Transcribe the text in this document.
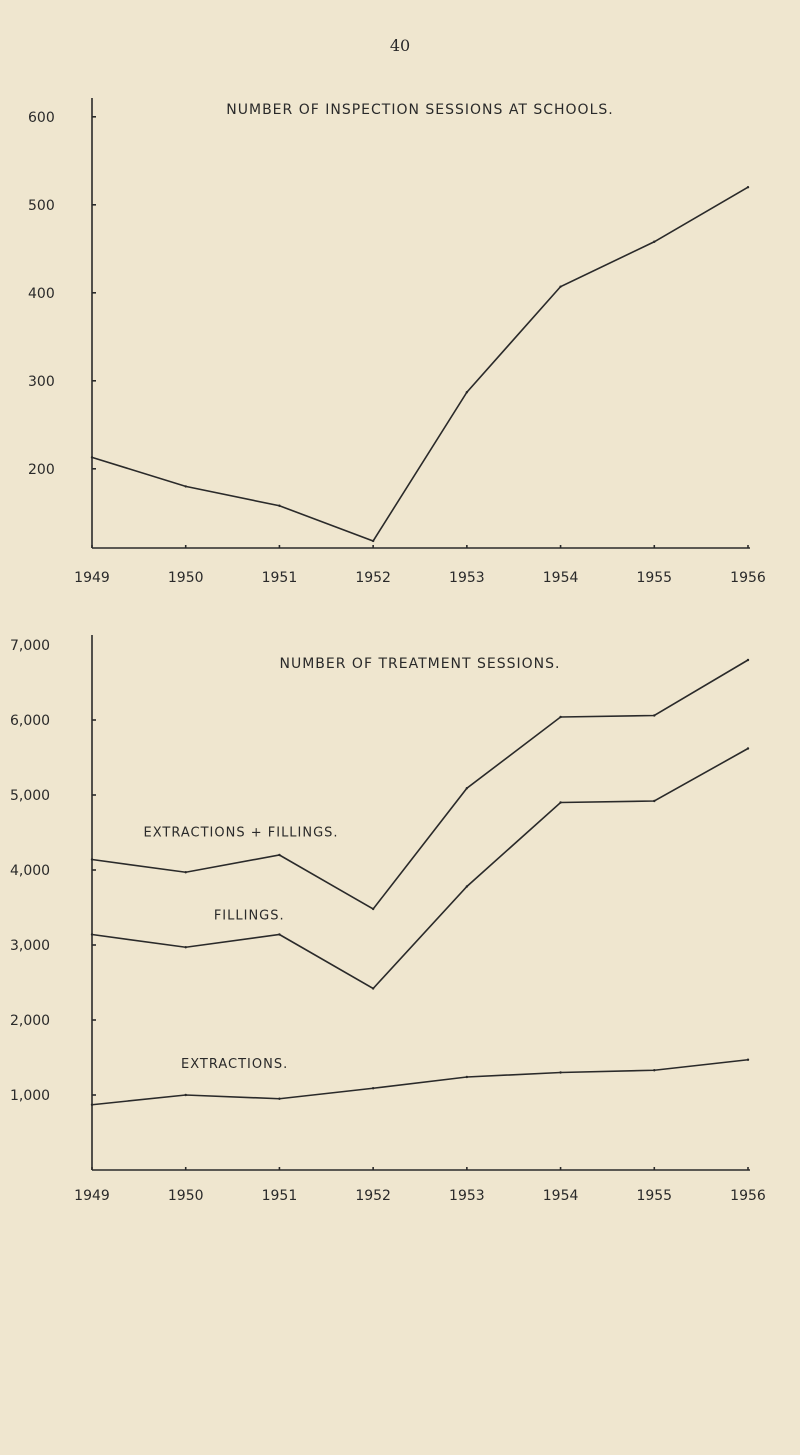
40
200
300
400
500
600
1949	1950	1951	1952	1953	1954	1955	1956
NUMBER OF INSPECTION SESSIONS AT SCHOOLS.
1,000
2,000
3,000
4,000
5,000
6,000
7,000
1949	1950	1951	1952	1953	1954	1955	1956
NUMBER OF TREATMENT SESSIONS.
EXTRACTIONS + FILLINGS.
FILLINGS.
EXTRACTIONS.
